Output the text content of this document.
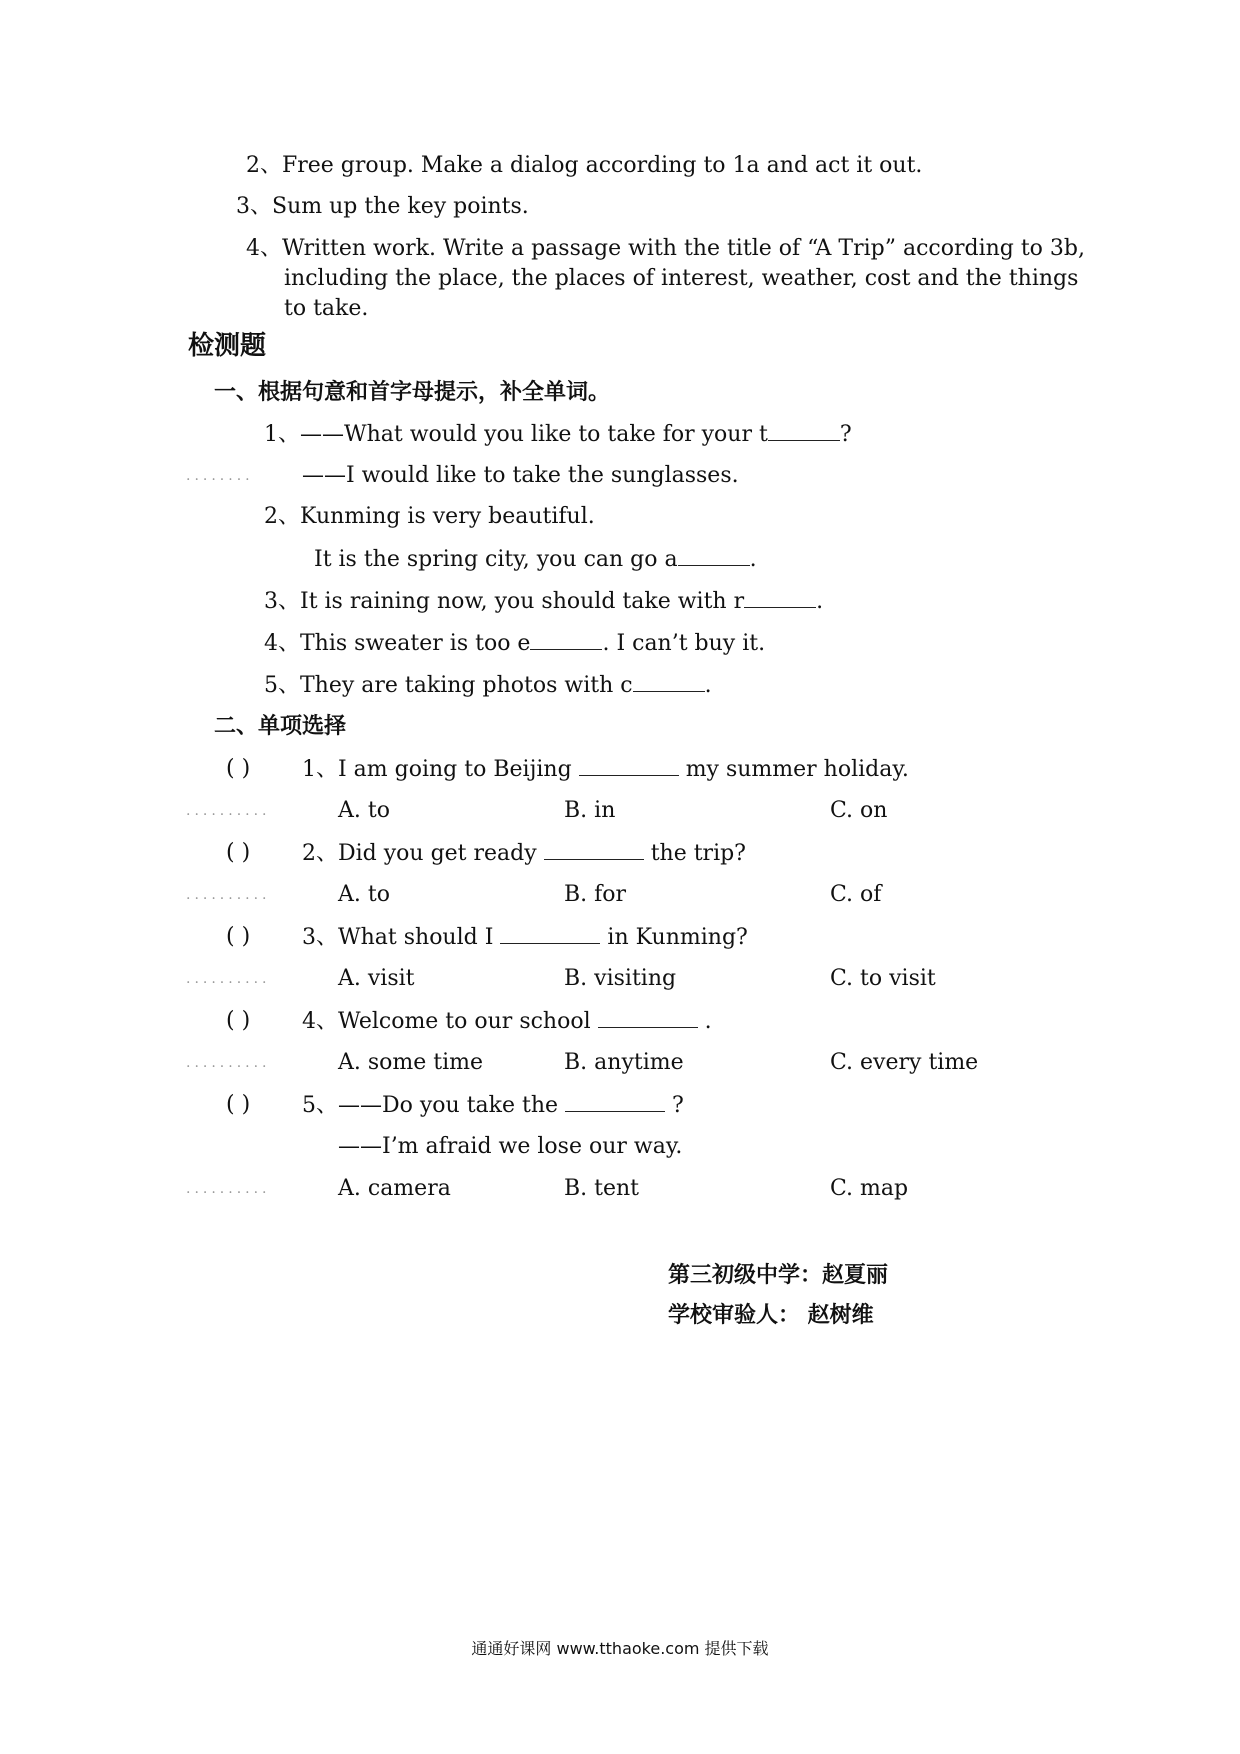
2、Free group. Make a dialog according to 1a and act it out.
3、Sum up the key points.
4、Written work. Write a passage with the title of “A Trip” according to 3b, including the place, the places of interest, weather, cost and the things to take.
检测题
一、根据句意和首字母提示，补全单词。
1、——What would you like to take for your t	?
........ ——I would like to take the sunglasses.
2、Kunming is very beautiful.
It is the spring city, you can go a	.
3、It is raining now, you should take with r	.
4、This sweater is too e	. I can’t buy it.
5、They are taking photos with c	.
二、单项选择
( ) 1、I am going to Beijing	my summer holiday.
..........	A. to	B. in	C. on
( ) 2、Did you get ready	the trip?
..........	A. to	B. for	C. of
( ) 3、What should I	in Kunming?
..........	A. visit	B. visiting	C. to visit
( ) 4、Welcome to our school	.
..........	A. some time	B. anytime	C. every time
( ) 5、——Do you take the	?
——I’m afraid we lose our way.
..........	A. camera	B. tent	C. map
第三初级中学：赵夏丽
学校审验人： 赵树维
通通好课网 www.tthaoke.com 提供下载
